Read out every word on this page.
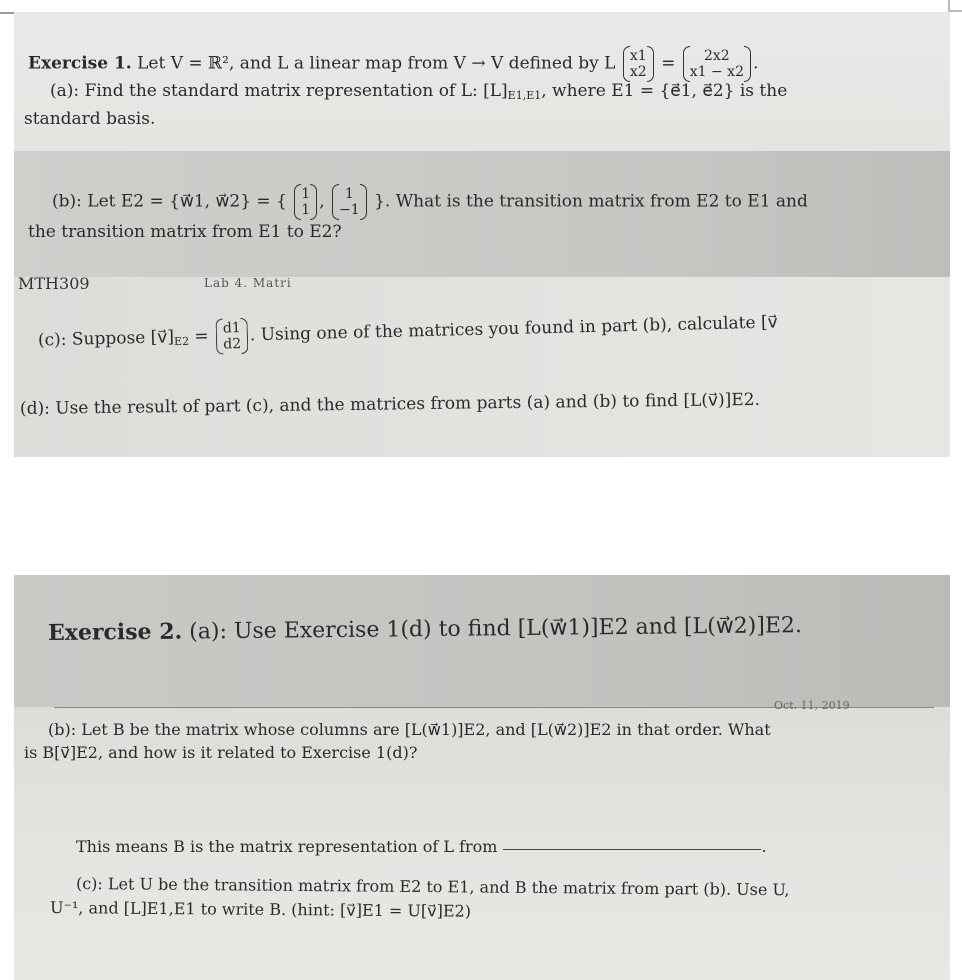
Exercise 1. Let V = ℝ², and L a linear map from V → V defined by L x1
x2 =	2x2
x1 − x2 .
(a): Find the standard matrix representation of L: $[L]_{E1,E1}$, where E1 = {e⃗1, e⃗2} is the
standard basis.
(b): Let E2 = {w⃗1, w⃗2} = { 1
1 ,	1
−1 }. What is the transition matrix from E2 to E1 and
the transition matrix from E1 to E2?
MTH309	Lab 4. Matri
(c): Suppose $[v⃗]_{E2} = d1$
d2 . Using one of the matrices you found in part (b), calculate [v⃗
(d): Use the result of part (c), and the matrices from parts (a) and (b) to find [L(v⃗)]E2.
Exercise 2. (a): Use Exercise 1(d) to find [L(w⃗1)]E2 and [L(w⃗2)]E2.
Oct. 11, 2019
(b): Let B be the matrix whose columns are [L(w⃗1)]E2, and [L(w⃗2)]E2 in that order. What
is B[v⃗]E2, and how is it related to Exercise 1(d)?
This means B is the matrix representation of L from	.
(c): Let U be the transition matrix from E2 to E1, and B the matrix from part (b). Use U,
U⁻¹, and [L]E1,E1 to write B. (hint: [v⃗]E1 = U[v⃗]E2)
